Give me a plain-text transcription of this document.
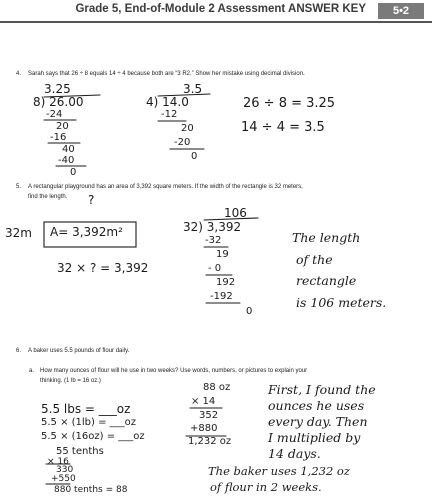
Grade 5, End-of-Module 2 Assessment ANSWER KEY	5•2
4. Sarah says that 26 ÷ 8 equals 14 ÷ 4 because both are “3 R2.” Show her mistake using decimal division.
3.25
8) 26.00
-24
20
-16
40
-40
0
3.5
4) 14.0
-12
20
-20
0
26 ÷ 8 = 3.25
14 ÷ 4 = 3.5
5. A rectangular playground has an area of 3,392 square meters. If the width of the rectangle is 32 meters,
find the length. ?
32m A= 3,392m²
32 × ? = 3,392
106
32) 3,392
-32
19
- 0
192
-192
0
The length
of the
rectangle
is 106 meters.
6. A baker uses 5.5 pounds of flour daily.
a. How many ounces of flour will he use in two weeks? Use words, numbers, or pictures to explain your
thinking. (1 lb = 16 oz.)
5.5 lbs = ___oz
5.5 × (1lb) = ___oz
5.5 × (16oz) = ___oz
55 tenths
× 16
330
+550
880 tenths = 88
88 oz
× 14
352
+880
1,232 oz
First, I found the
ounces he uses
every day. Then
I multiplied by
14 days.
The baker uses 1,232 oz
of flour in 2 weeks.
